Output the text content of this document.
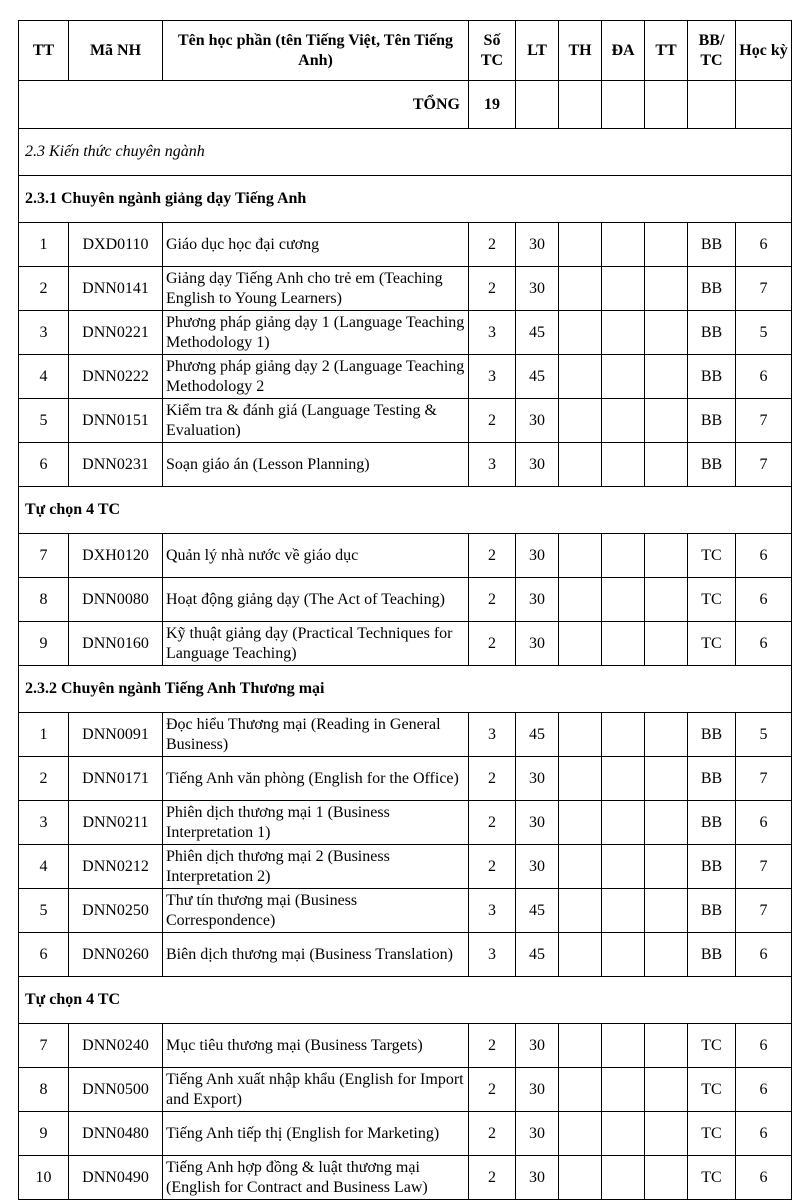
TT	Mã NH	Tên học phần (tên Tiếng Việt, Tên Tiếng Anh)	Số TC	LT	TH	ĐA	TT	BB/ TC	Học kỳ
TỔNG			19						
2.3 Kiến thức chuyên ngành									
2.3.1 Chuyên ngành giảng dạy Tiếng Anh									
1	DXD0110	Giáo dục học đại cương	2	30				BB	6
2	DNN0141	Giảng dạy Tiếng Anh cho trẻ em (Teaching English to Young Learners)	2	30				BB	7
3	DNN0221	Phương pháp giảng dạy 1 (Language Teaching Methodology 1)	3	45				BB	5
4	DNN0222	Phương pháp giảng dạy 2 (Language Teaching Methodology 2	3	45				BB	6
5	DNN0151	Kiểm tra & đánh giá (Language Testing & Evaluation)	2	30				BB	7
6	DNN0231	Soạn giáo án (Lesson Planning)	3	30				BB	7
Tự chọn 4 TC									
7	DXH0120	Quản lý nhà nước về giáo dục	2	30				TC	6
8	DNN0080	Hoạt động giảng dạy (The Act of Teaching)	2	30				TC	6
9	DNN0160	Kỹ thuật giảng dạy (Practical Techniques for Language Teaching)	2	30				TC	6
2.3.2 Chuyên ngành Tiếng Anh Thương mại									
1	DNN0091	Đọc hiểu Thương mại (Reading in General Business)	3	45				BB	5
2	DNN0171	Tiếng Anh văn phòng (English for the Office)	2	30				BB	7
3	DNN0211	Phiên dịch thương mại 1 (Business Interpretation 1)	2	30				BB	6
4	DNN0212	Phiên dịch thương mại 2 (Business Interpretation 2)	2	30				BB	7
5	DNN0250	Thư tín thương mại (Business Correspondence)	3	45				BB	7
6	DNN0260	Biên dịch thương mại (Business Translation)	3	45				BB	6
Tự chọn 4 TC									
7	DNN0240	Mục tiêu thương mại (Business Targets)	2	30				TC	6
8	DNN0500	Tiếng Anh xuất nhập khẩu (English for Import and Export)	2	30				TC	6
9	DNN0480	Tiếng Anh tiếp thị (English for Marketing)	2	30				TC	6
10	DNN0490	Tiếng Anh hợp đồng & luật thương mại (English for Contract and Business Law)	2	30				TC	6
